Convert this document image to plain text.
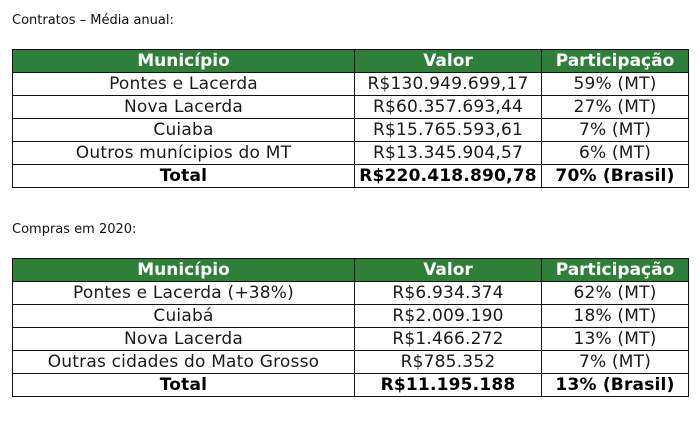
Contratos – Média anual:
Município	Valor	Participação
Pontes e Lacerda	R$130.949.699,17	59% (MT)
Nova Lacerda	R$60.357.693,44	27% (MT)
Cuiaba	R$15.765.593,61	7% (MT)
Outros munícipios do MT	R$13.345.904,57	6% (MT)
Total	R$220.418.890,78	70% (Brasil)
Compras em 2020:
Município	Valor	Participação
Pontes e Lacerda (+38%)	R$6.934.374	62% (MT)
Cuiabá	R$2.009.190	18% (MT)
Nova Lacerda	R$1.466.272	13% (MT)
Outras cidades do Mato Grosso	R$785.352	7% (MT)
Total	R$11.195.188	13% (Brasil)
